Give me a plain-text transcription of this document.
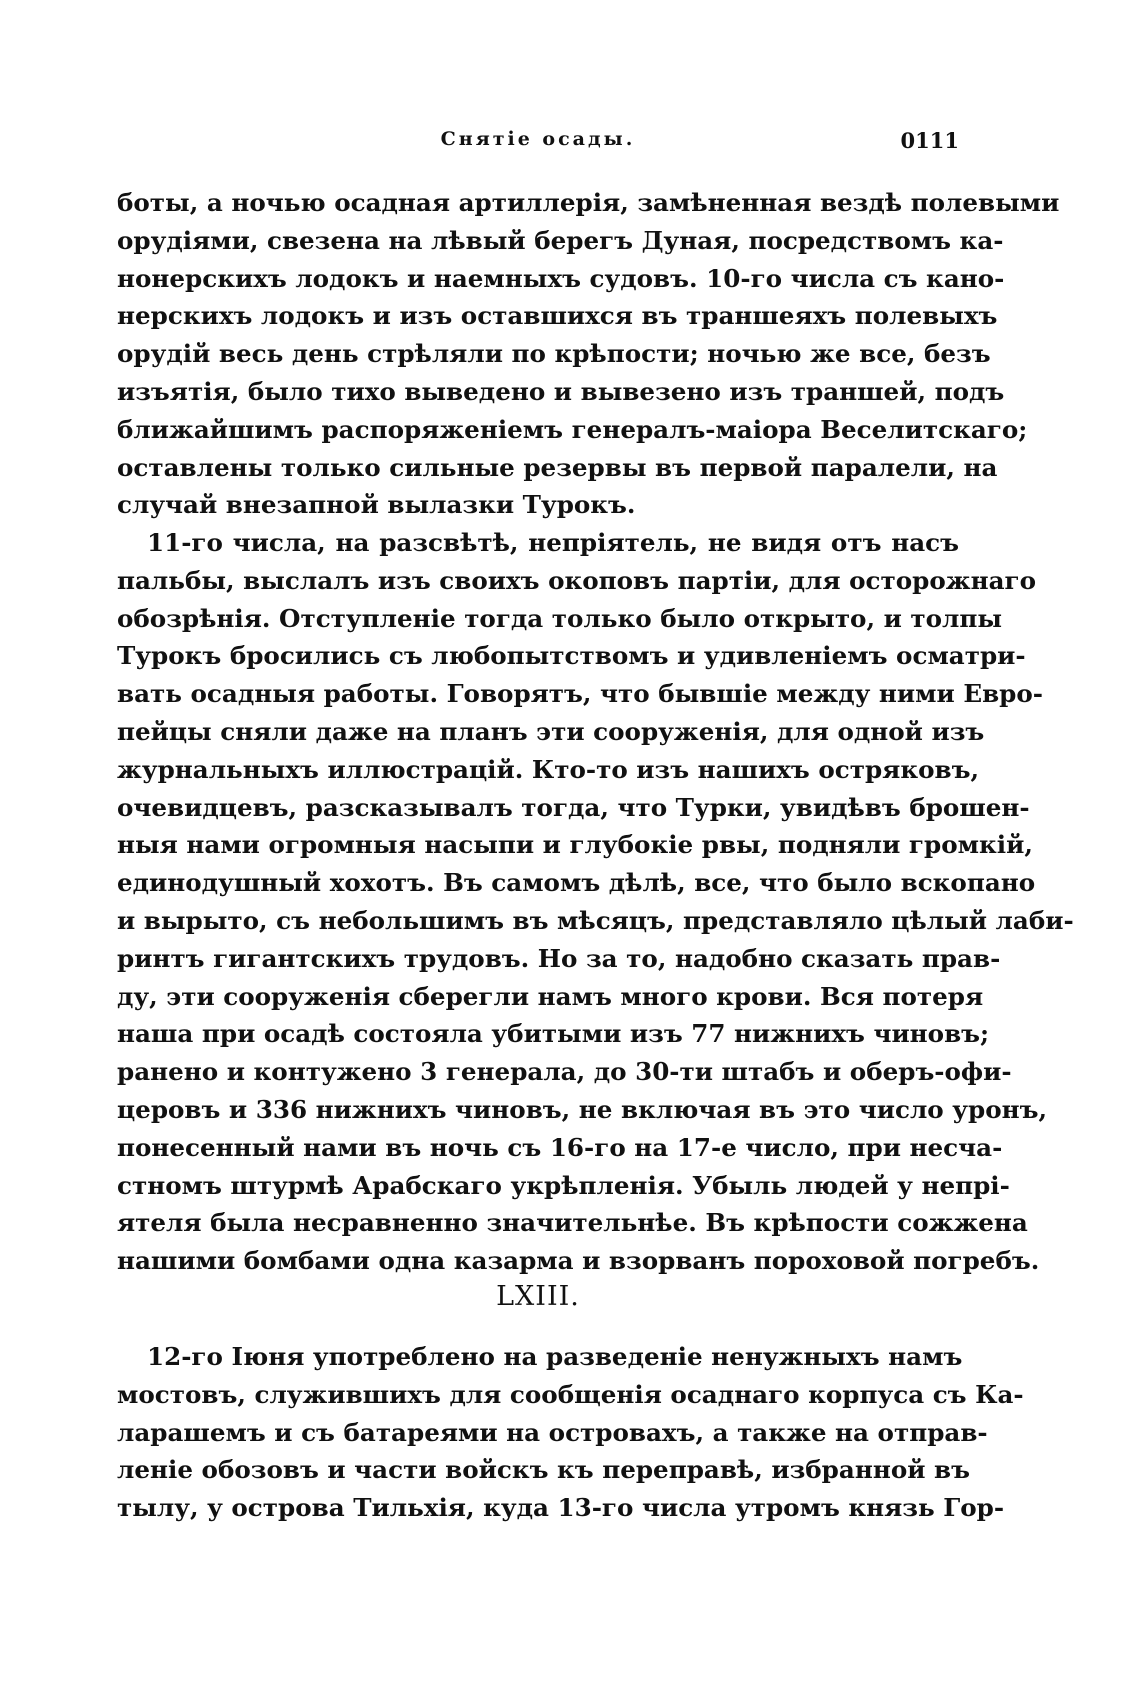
Снятіе осады.	0111
боты, а ночью осадная артиллерія, замѣненная вездѣ полевыми
орудіями, свезена на лѣвый берегъ Дуная, посредствомъ ка-
нонерскихъ лодокъ и наемныхъ судовъ. 10-го числа съ кано-
нерскихъ лодокъ и изъ оставшихся въ траншеяхъ полевыхъ
орудій весь день стрѣляли по крѣпости; ночью же все, безъ
изъятія, было тихо выведено и вывезено изъ траншей, подъ
ближайшимъ распоряженіемъ генералъ-маіора Веселитскаго;
оставлены только сильные резервы въ первой паралели, на
случай внезапной вылазки Турокъ.
11-го числа, на разсвѣтѣ, непріятель, не видя отъ насъ
пальбы, выслалъ изъ своихъ окоповъ партіи, для осторожнаго
обозрѣнія. Отступленіе тогда только было открыто, и толпы
Турокъ бросились съ любопытствомъ и удивленіемъ осматри-
вать осадныя работы. Говорятъ, что бывшіе между ними Евро-
пейцы сняли даже на планъ эти сооруженія, для одной изъ
журнальныхъ иллюстрацій. Кто-то изъ нашихъ остряковъ,
очевидцевъ, разсказывалъ тогда, что Турки, увидѣвъ брошен-
ныя нами огромныя насыпи и глубокіе рвы, подняли громкій,
единодушный хохотъ. Въ самомъ дѣлѣ, все, что было вскопано
и вырыто, съ небольшимъ въ мѣсяцъ, представляло цѣлый лаби-
ринтъ гигантскихъ трудовъ. Но за то, надобно сказать прав-
ду, эти сооруженія сберегли намъ много крови. Вся потеря
наша при осадѣ состояла убитыми изъ 77 нижнихъ чиновъ;
ранено и контужено 3 генерала, до 30-ти штабъ и оберъ-офи-
церовъ и 336 нижнихъ чиновъ, не включая въ это число уронъ,
понесенный нами въ ночь съ 16-го на 17-е число, при несча-
стномъ штурмѣ Арабскаго укрѣпленія. Убыль людей у непрі-
ятеля была несравненно значительнѣе. Въ крѣпости сожжена
нашими бомбами одна казарма и взорванъ пороховой погребъ.
LXIII.
12-го Іюня употреблено на разведеніе ненужныхъ намъ
мостовъ, служившихъ для сообщенія осаднаго корпуса съ Ка-
ларашемъ и съ батареями на островахъ, а также на отправ-
леніе обозовъ и части войскъ къ переправѣ, избранной въ
тылу, у острова Тильхія, куда 13-го числа утромъ князь Гор-
